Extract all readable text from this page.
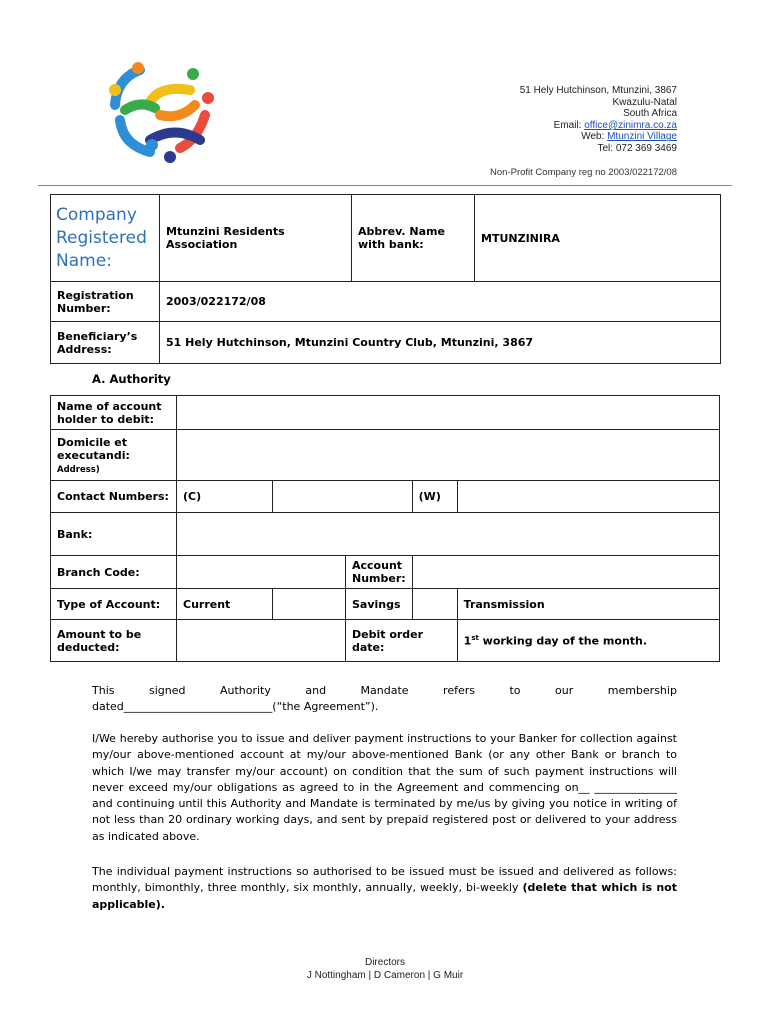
51 Hely Hutchinson, Mtunzini, 3867
Kwazulu-Natal
South Africa
Email: office@zinimra.co.za
Web: Mtunzini Village
Tel: 072 369 3469
Non-Profit Company reg no 2003/022172/08
Company Registered Name:	Mtunzini Residents Association	Abbrev. Name with bank:	MTUNZINIRA
Registration Number:	2003/022172/08		
Beneficiary’s Address:	51 Hely Hutchinson, Mtunzini Country Club, Mtunzini, 3867		
A. Authority
Name of account holder to debit:					
Domicile et executandi: Address)					
Contact Numbers:	(C)			(W)	
Bank:					
Branch Code:			Account Number:		
Type of Account:	Current		Savings		Transmission
Amount to be deducted:			Debit order date:		1st working day of the month.
This	signed	Authority	and	Mandate	refers	to	our	membership
dated___________________________(“the Agreement”).
I/We hereby authorise you to issue and deliver payment instructions to your Banker for collection against my/our above-mentioned account at my/our above-mentioned Bank (or any other Bank or branch to which I/we may transfer my/our account) on condition that the sum of such payment instructions will never exceed my/our obligations as agreed to in the Agreement and commencing on__ _______________ and continuing until this Authority and Mandate is terminated by me/us by giving you notice in writing of not less than 20 ordinary working days, and sent by prepaid registered post or delivered to your address as indicated above.
The individual payment instructions so authorised to be issued must be issued and delivered as follows: monthly, bimonthly, three monthly, six monthly, annually, weekly, bi-weekly (delete that which is not applicable).
Directors
J Nottingham | D Cameron | G Muir
